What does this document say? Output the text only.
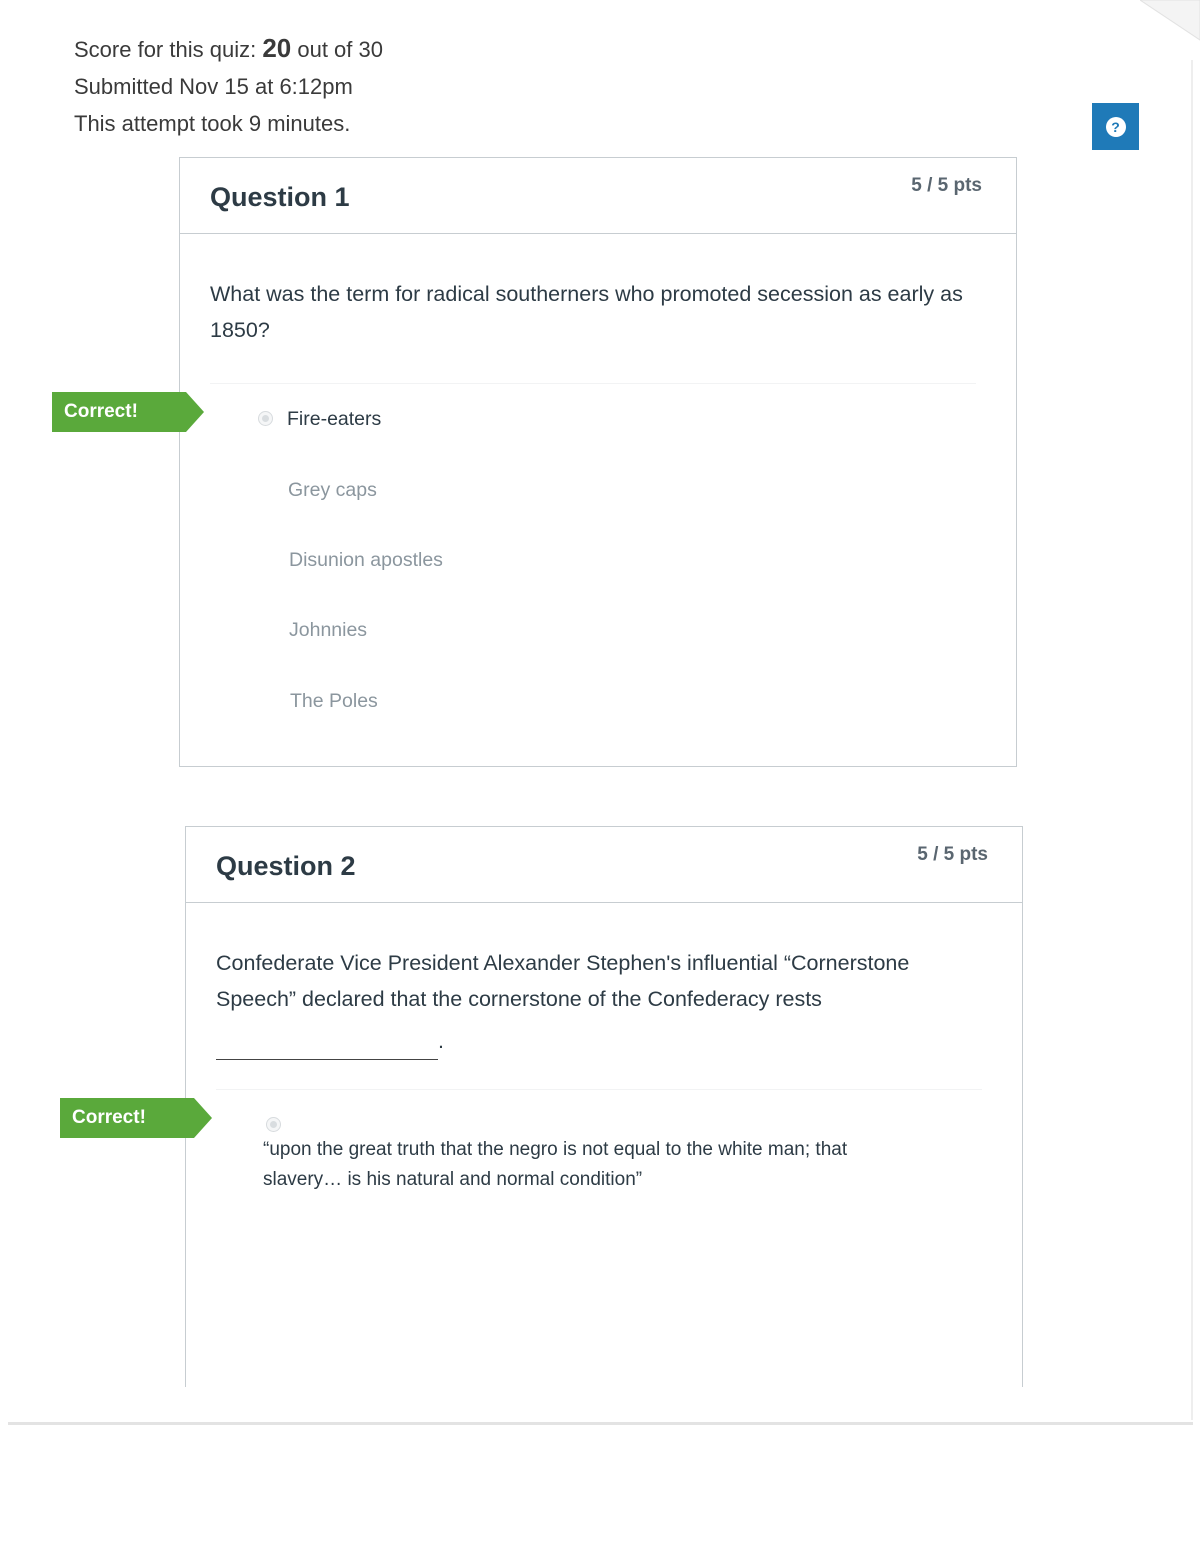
Score for this quiz: 20 out of 30
Submitted Nov 15 at 6:12pm
This attempt took 9 minutes.	?
Question 1	5 / 5 pts
What was the term for radical southerners who promoted secession as early as 1850?
Fire-eaters
Grey caps
Disunion apostles
Johnnies
The Poles
Correct!
Question 2	5 / 5 pts
Confederate Vice President Alexander Stephen's influential “Cornerstone
Speech” declared that the cornerstone of the Confederacy rests
.
“upon the great truth that the negro is not equal to the white man; that
slavery… is his natural and normal condition”
Correct!
